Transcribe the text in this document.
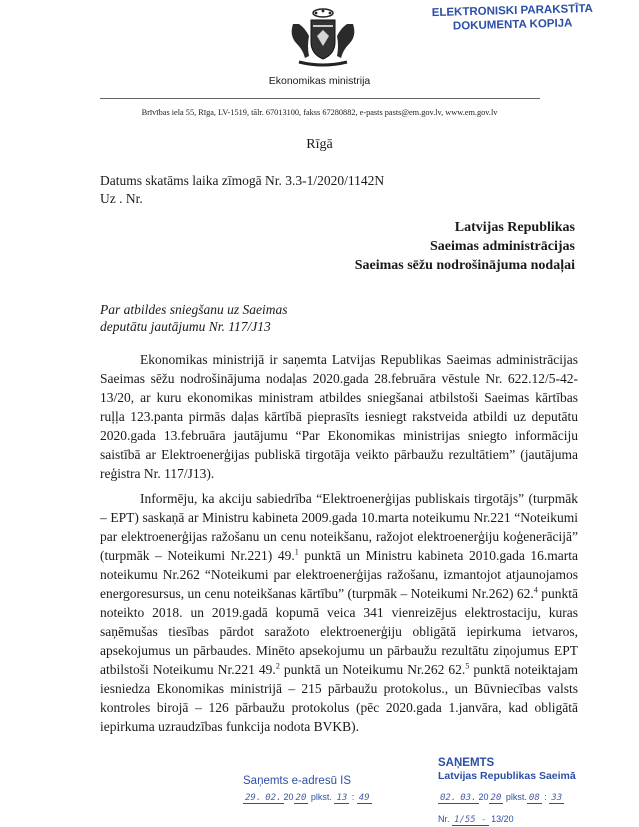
Ekonomikas ministrija
Brīvības iela 55, Rīga, LV-1519, tālr. 67013100, fakss 67280882, e-pasts pasts@em.gov.lv, www.em.gov.lv
ELEKTRONISKI PARAKSTĪTA
DOKUMENTA KOPIJA
Rīgā
Datums skatāms laika zīmogā Nr. 3.3-1/2020/1142N
Uz . Nr.
Latvijas Republikas
Saeimas administrācijas
Saeimas sēžu nodrošinājuma nodaļai
Par atbildes sniegšanu uz Saeimas
deputātu jautājumu Nr. 117/J13
Ekonomikas ministrijā ir saņemta Latvijas Republikas Saeimas administrācijas Saeimas sēžu nodrošinājuma nodaļas 2020.gada 28.februāra vēstule Nr. 622.12/5-42-13/20, ar kuru ekonomikas ministram atbildes sniegšanai atbilstoši Saeimas kārtības ruļļa 123.panta pirmās daļas kārtībā pieprasīts iesniegt rakstveida atbildi uz deputātu 2020.gada 13.februāra jautājumu “Par Ekonomikas ministrijas sniegto informāciju saistībā ar Elektroenerģijas publiskā tirgotāja veikto pārbaužu rezultātiem” (jautājuma reģistra Nr. 117/J13).
Informēju, ka akciju sabiedrība “Elektroenerģijas publiskais tirgotājs” (turpmāk – EPT) saskaņā ar Ministru kabineta 2009.gada 10.marta noteikumu Nr.221 “Noteikumi par elektroenerģijas ražošanu un cenu noteikšanu, ražojot elektroenerģiju koģenerācijā” (turpmāk – Noteikumi Nr.221) 49.$^1$ punktā un Ministru kabineta 2010.gada 16.marta noteikumu Nr.262 “Noteikumi par elektroenerģijas ražošanu, izmantojot atjaunojamos energoresursus, un cenu noteikšanas kārtību” (turpmāk – Noteikumi Nr.262) 62.$^4$ punktā noteikto 2018. un 2019.gadā kopumā veica 341 vienreizējus elektrostaciju, kuras saņēmušas tiesības pārdot saražoto elektroenerģiju obligātā iepirkuma ietvaros, apsekojumus un pārbaudes. Minēto apsekojumu un pārbaužu rezultātu ziņojumus EPT atbilstoši Noteikumu Nr.221 49.$^2$ punktā un Noteikumu Nr.262 62.$^5$ punktā noteiktajam iesniedza Ekonomikas ministrijā – 215 pārbaužu protokolus., un Būvniecības valsts kontroles birojā – 126 pārbaužu protokolus (pēc 2020.gada 1.janvāra, kad obligātā iepirkuma uzraudzības funkcija nodota BVKB).
Saņemts e-adresū IS
29. 02. 20 20 plkst. 13 : 49
SAŅEMTS
Latvijas Republikas Saeimā
02. 03. 20 20 plkst. 08 : 33
Nr. 1/55 - 13/20
